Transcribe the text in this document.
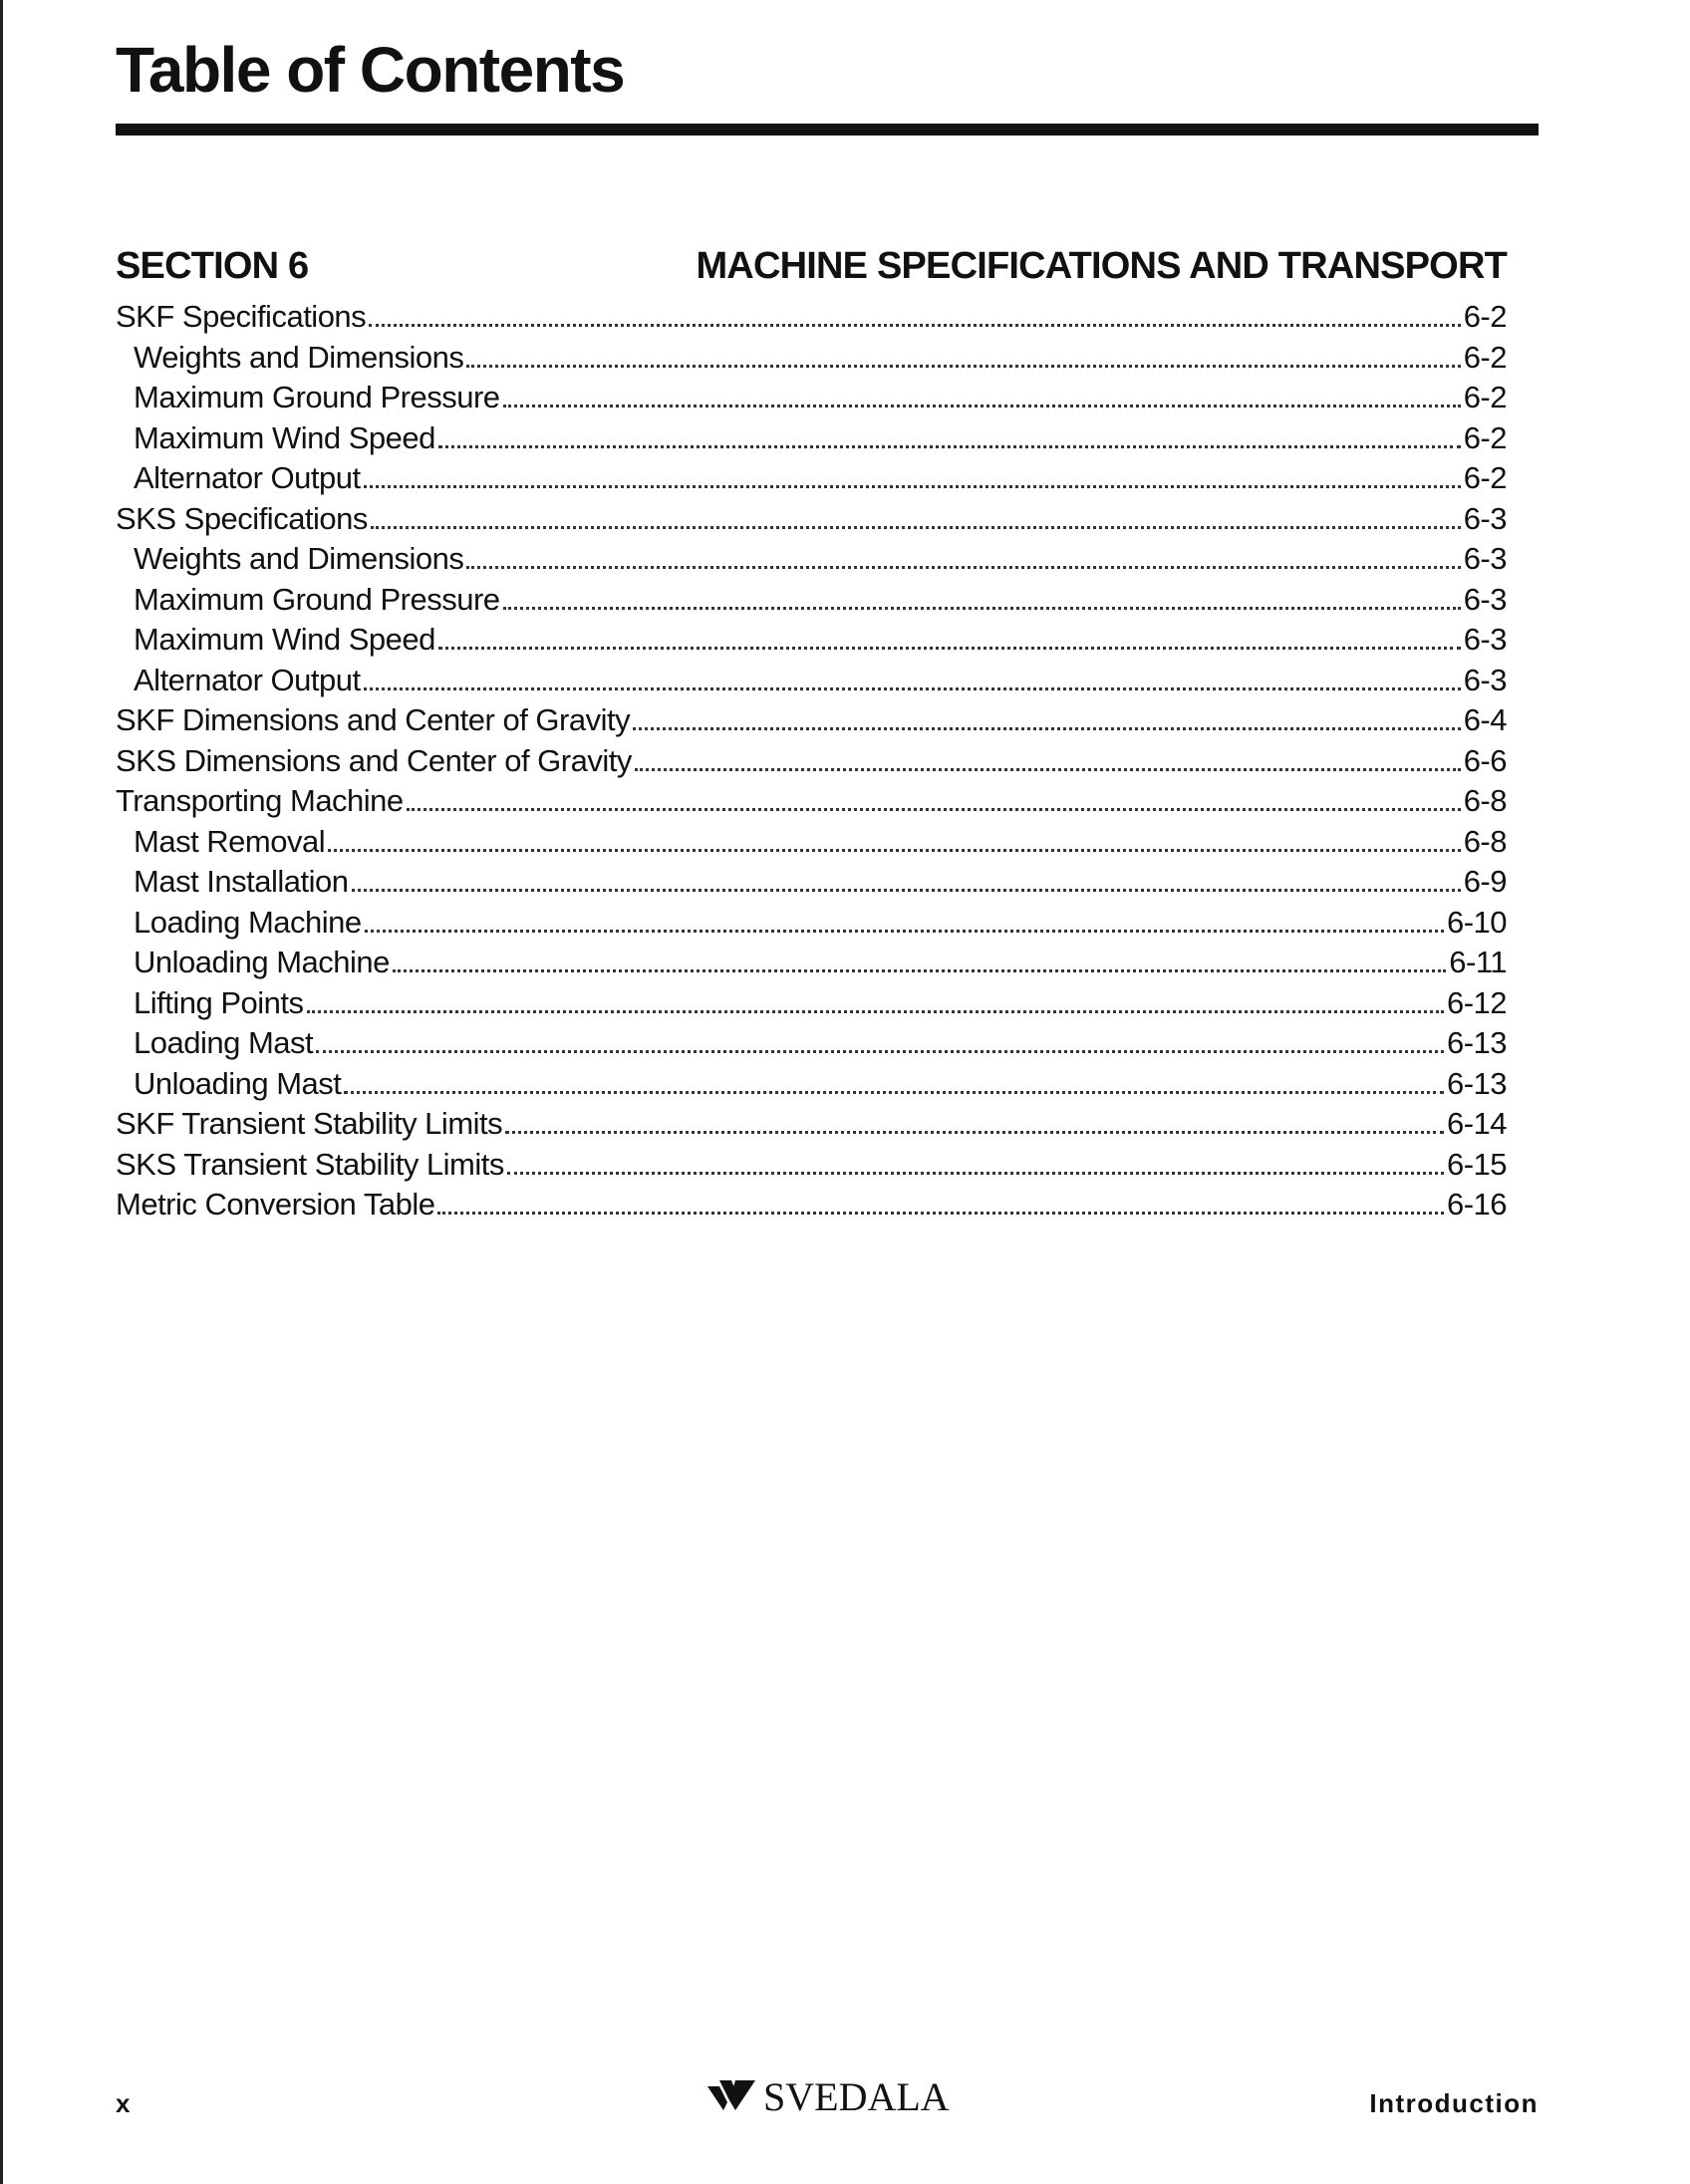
Table of Contents
SECTION 6	MACHINE SPECIFICATIONS AND TRANSPORT
SKF Specifications	6-2
Weights and Dimensions	6-2
Maximum Ground Pressure	6-2
Maximum Wind Speed	6-2
Alternator Output	6-2
SKS Specifications	6-3
Weights and Dimensions	6-3
Maximum Ground Pressure	6-3
Maximum Wind Speed	6-3
Alternator Output	6-3
SKF Dimensions and Center of Gravity	6-4
SKS Dimensions and Center of Gravity	6-6
Transporting Machine	6-8
Mast Removal	6-8
Mast Installation	6-9
Loading Machine	6-10
Unloading Machine	6-11
Lifting Points	6-12
Loading Mast	6-13
Unloading Mast	6-13
SKF Transient Stability Limits	6-14
SKS Transient Stability Limits	6-15
Metric Conversion Table	6-16
x	SVEDALA	Introduction
